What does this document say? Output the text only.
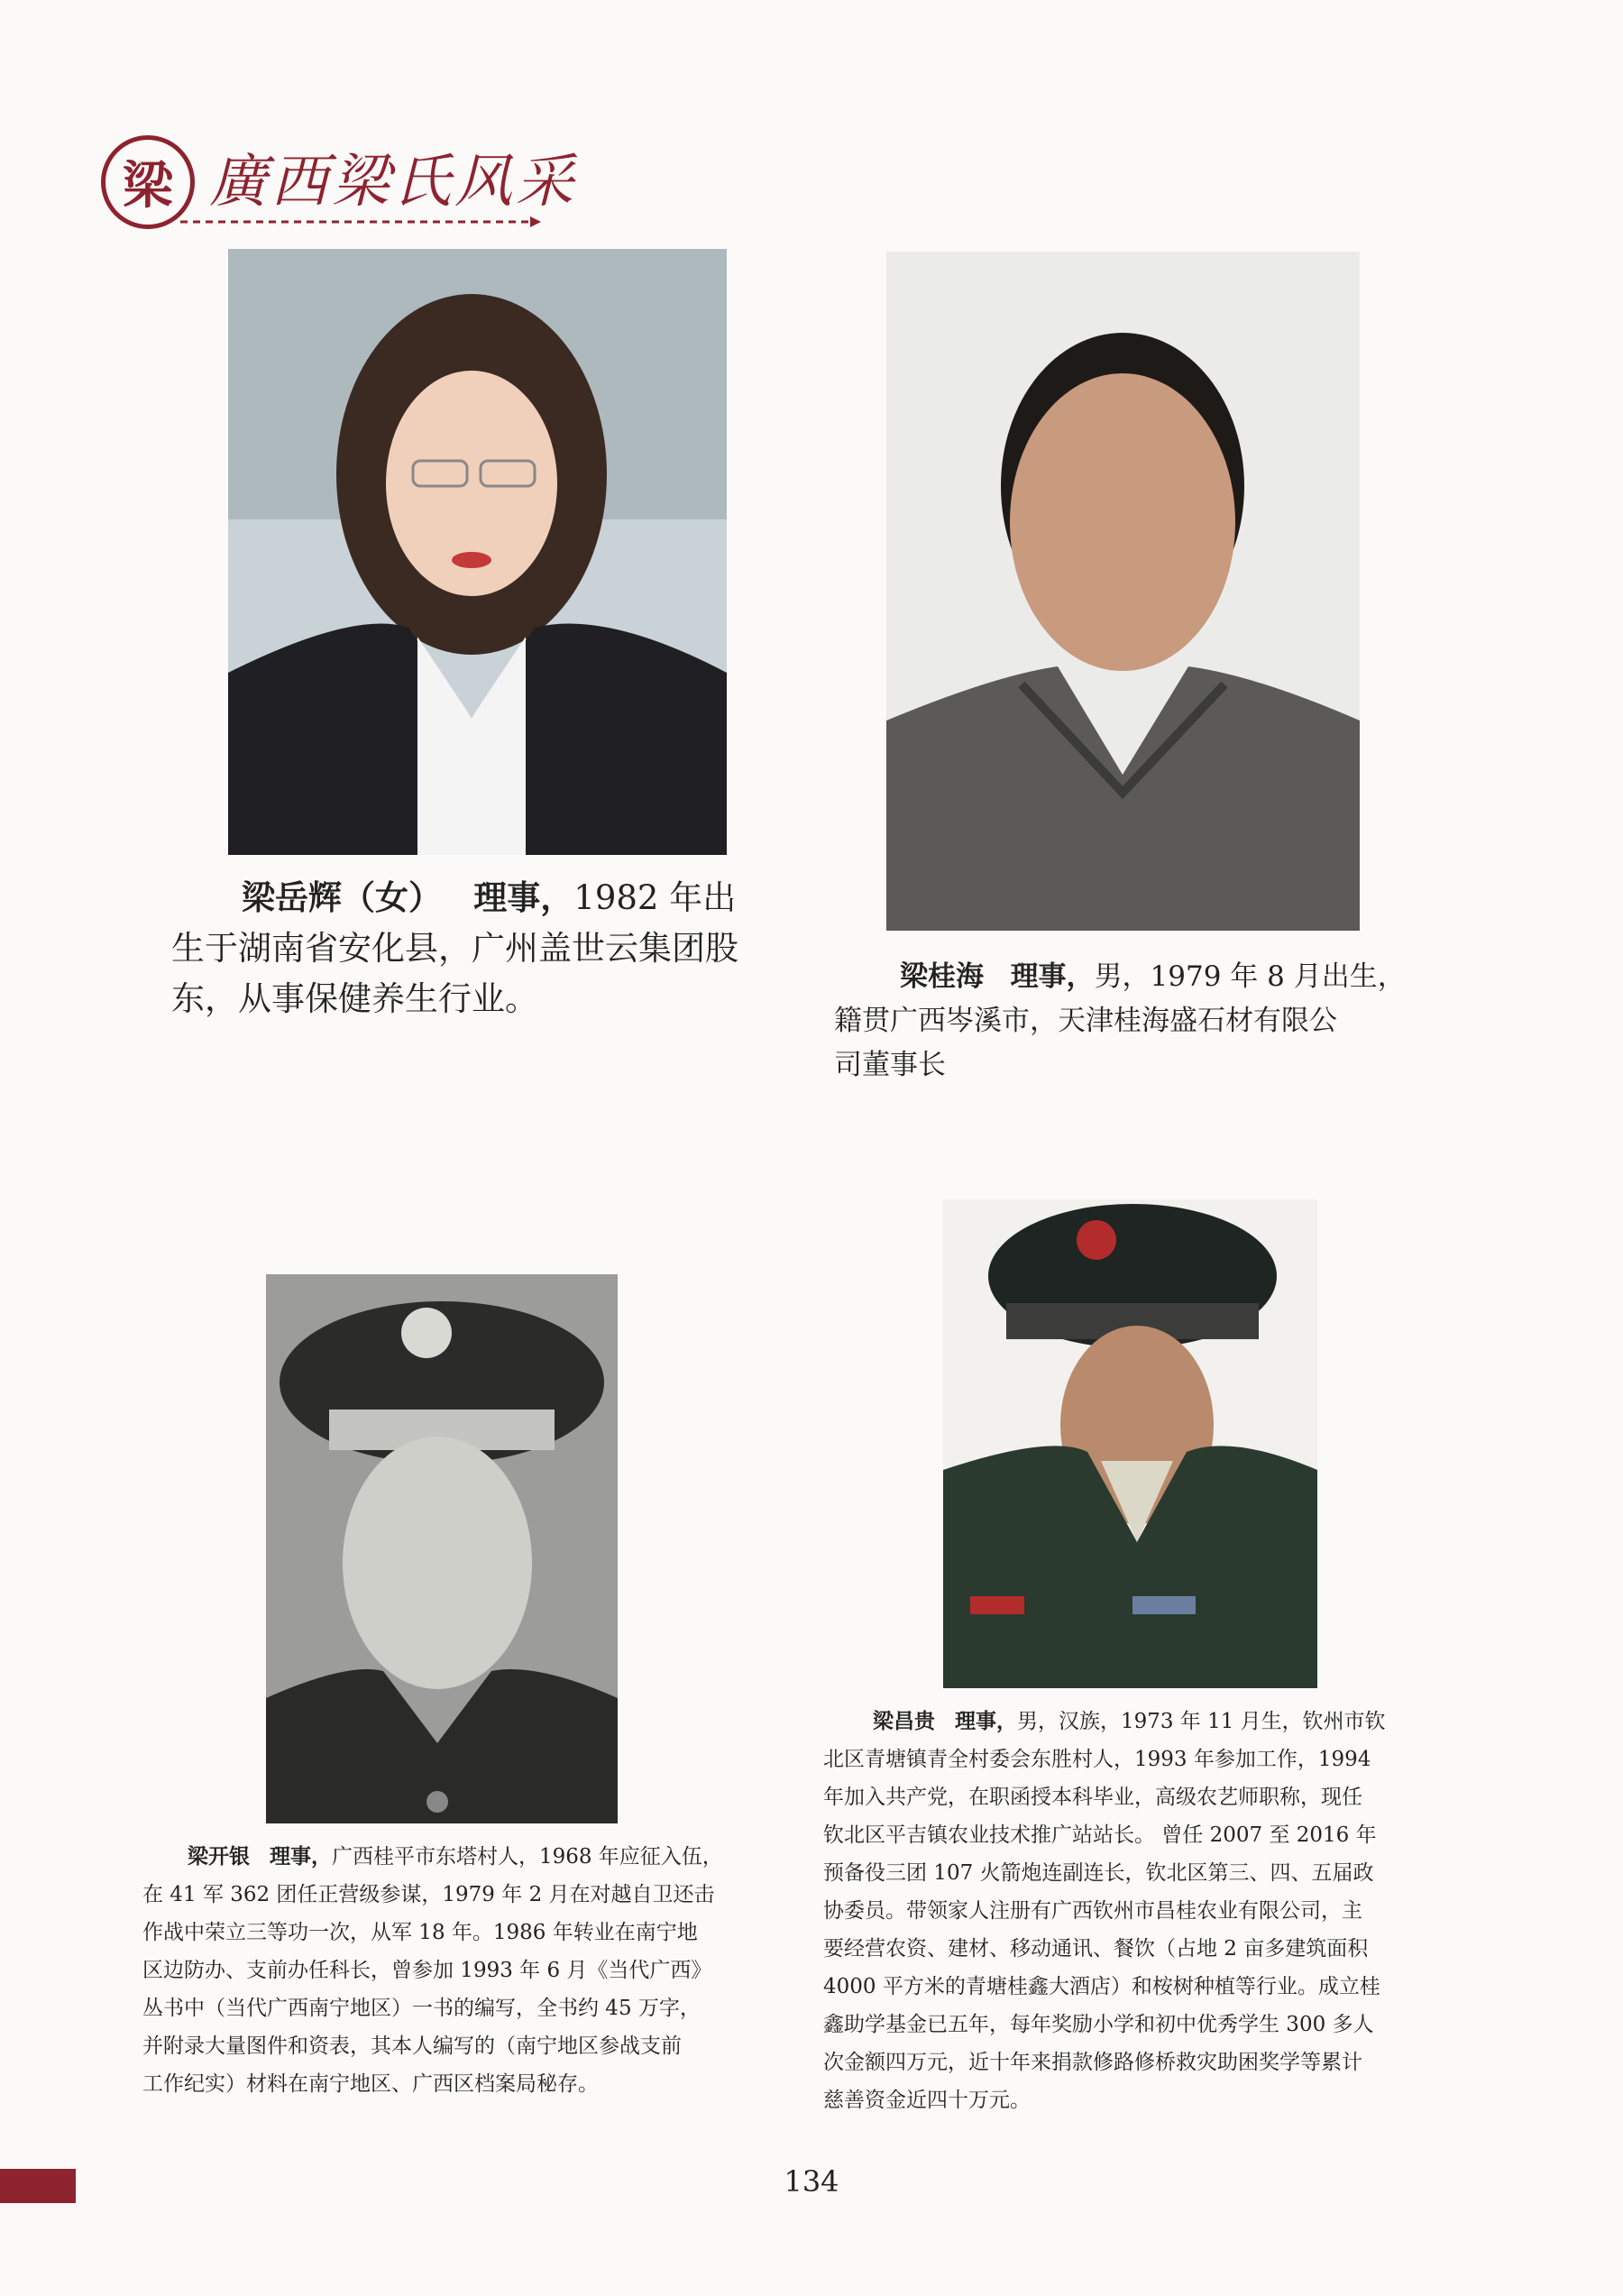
梁 廣西梁氏风采
梁岳辉（女） 理事，1982 年出
生于湖南省安化县，广州盖世云集团股
东，从事保健养生行业。
梁桂海 理事，男，1979 年 8 月出生，
籍贯广西岑溪市，天津桂海盛石材有限公
司董事长
梁开银 理事，广西桂平市东塔村人，1968 年应征入伍，
在 41 军 362 团任正营级参谋，1979 年 2 月在对越自卫还击
作战中荣立三等功一次，从军 18 年。1986 年转业在南宁地
区边防办、支前办任科长，曾参加 1993 年 6 月《当代广西》
丛书中（当代广西南宁地区）一书的编写，全书约 45 万字，
并附录大量图件和资表，其本人编写的（南宁地区参战支前
工作纪实）材料在南宁地区、广西区档案局秘存。
梁昌贵 理事，男，汉族，1973 年 11 月生，钦州市钦
北区青塘镇青全村委会东胜村人，1993 年参加工作，1994
年加入共产党，在职函授本科毕业，高级农艺师职称，现任
钦北区平吉镇农业技术推广站站长。 曾任 2007 至 2016 年
预备役三团 107 火箭炮连副连长，钦北区第三、四、五届政
协委员。带领家人注册有广西钦州市昌桂农业有限公司，主
要经营农资、建材、移动通讯、餐饮（占地 2 亩多建筑面积
4000 平方米的青塘桂鑫大酒店）和桉树种植等行业。成立桂
鑫助学基金已五年，每年奖励小学和初中优秀学生 300 多人
次金额四万元，近十年来捐款修路修桥救灾助困奖学等累计
慈善资金近四十万元。
134
